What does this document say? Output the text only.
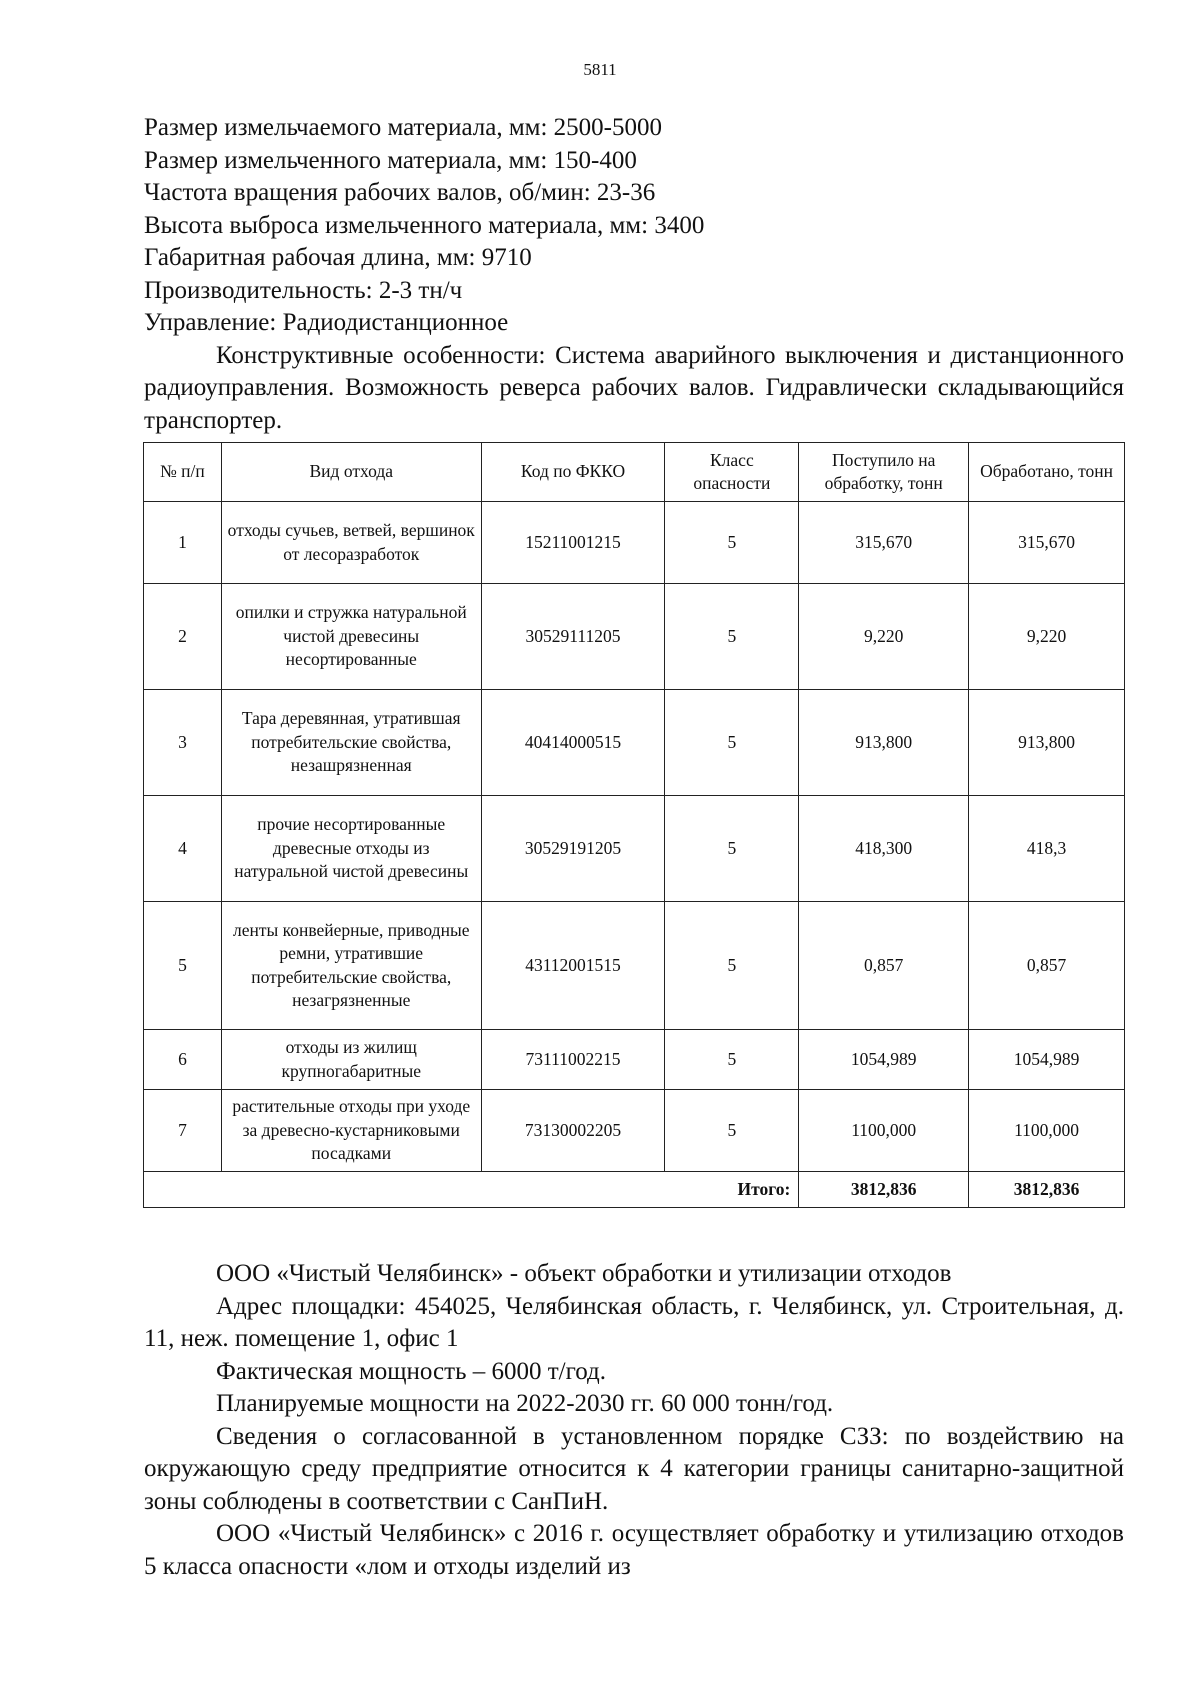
5811

Размер измельчаемого материала, мм: 2500-5000

Размер измельченного материала, мм: 150-400

Частота вращения рабочих валов, об/мин: 23-36

Высота выброса измельченного материала, мм: 3400

Габаритная рабочая длина, мм: 9710

Производительность: 2-3 тн/ч

Управление: Радиодистанционное

Конструктивные особенности: Система аварийного выключения и дистанционного радиоуправления. Возможность реверса рабочих валов. Гидравлически складывающийся транспортер.

№ п/п	Вид отхода	Код по ФККО	Класс опасности	Поступило на обработку, тонн	Обработано, тонн
1	отходы сучьев, ветвей, вершинок от лесоразработок	15211001215	5	315,670	315,670
2	опилки и стружка натуральной чистой древесины несортированные	30529111205	5	9,220	9,220
3	Тара деревянная, утратившая потребительские свойства, незашрязненная	40414000515	5	913,800	913,800
4	прочие несортированные древесные отходы из натуральной чистой древесины	30529191205	5	418,300	418,3
5	ленты конвейерные, приводные ремни, утратившие потребительские свойства, незагрязненные	43112001515	5	0,857	0,857
6	отходы из жилищ крупногабаритные	73111002215	5	1054,989	1054,989
7	растительные отходы при уходе за древесно-кустарниковыми посадками	73130002205	5	1100,000	1100,000
Итого:				3812,836	3812,836

ООО «Чистый Челябинск» - объект обработки и утилизации отходов

Адрес площадки: 454025, Челябинская область, г. Челябинск, ул. Строительная, д. 11, неж. помещение 1, офис 1

Фактическая мощность – 6000 т/год.

Планируемые мощности на 2022-2030 гг. 60 000 тонн/год.

Сведения о согласованной в установленном порядке СЗЗ: по воздействию на окружающую среду предприятие относится к 4 категории границы санитарно-защитной зоны соблюдены в соответствии с СанПиН.

ООО «Чистый Челябинск» с 2016 г. осуществляет обработку и утилизацию отходов 5 класса опасности «лом и отходы изделий из
